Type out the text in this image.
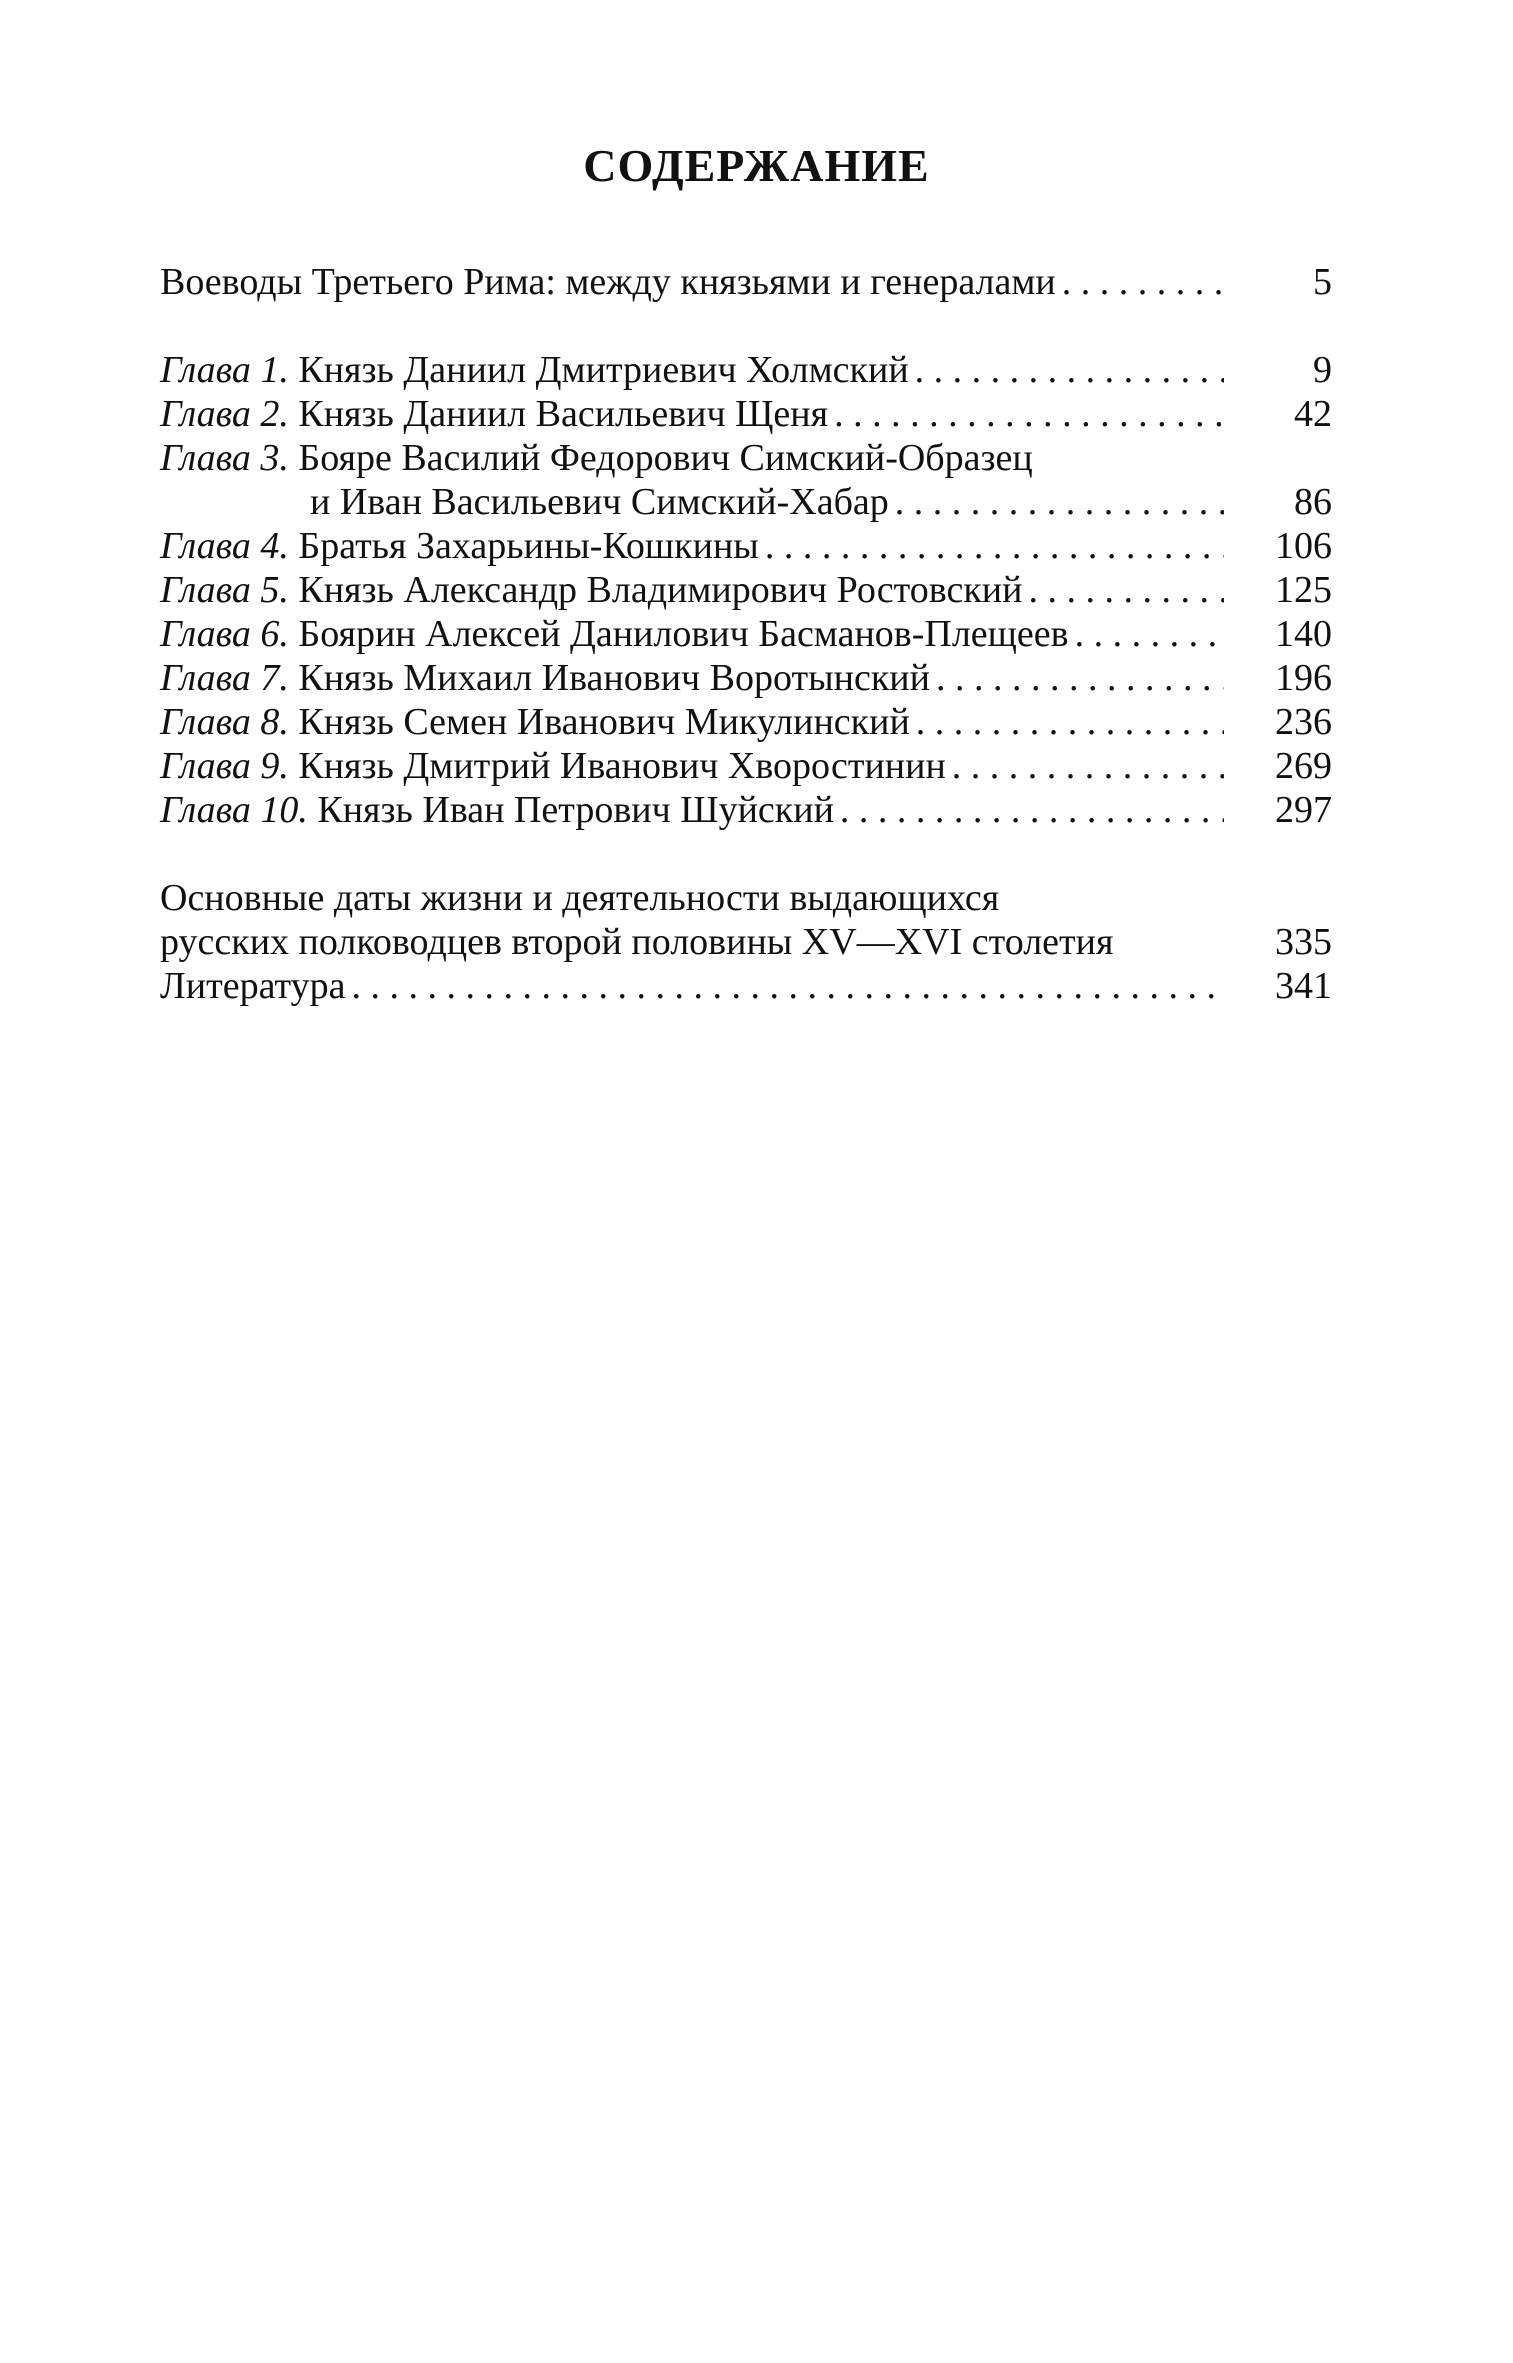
СОДЕРЖАНИЕ
Воеводы Третьего Рима: между князьями и генералами . . .	5
Глава 1. Князь Даниил Дмитриевич Холмский . . .	9
Глава 2. Князь Даниил Васильевич Щеня . . .	42
Глава 3. Бояре Василий Федорович Симский-Образец
и Иван Васильевич Симский-Хабар . . .	86
Глава 4. Братья Захарьины-Кошкины . . .	106
Глава 5. Князь Александр Владимирович Ростовский . . .	125
Глава 6. Боярин Алексей Данилович Басманов-Плещеев . . .	140
Глава 7. Князь Михаил Иванович Воротынский . . .	196
Глава 8. Князь Семен Иванович Микулинский . . .	236
Глава 9. Князь Дмитрий Иванович Хворостинин . . .	269
Глава 10. Князь Иван Петрович Шуйский . . .	297
Основные даты жизни и деятельности выдающихся
русских полководцев второй половины XV—XVI столетия	335
Литература . . .	341
